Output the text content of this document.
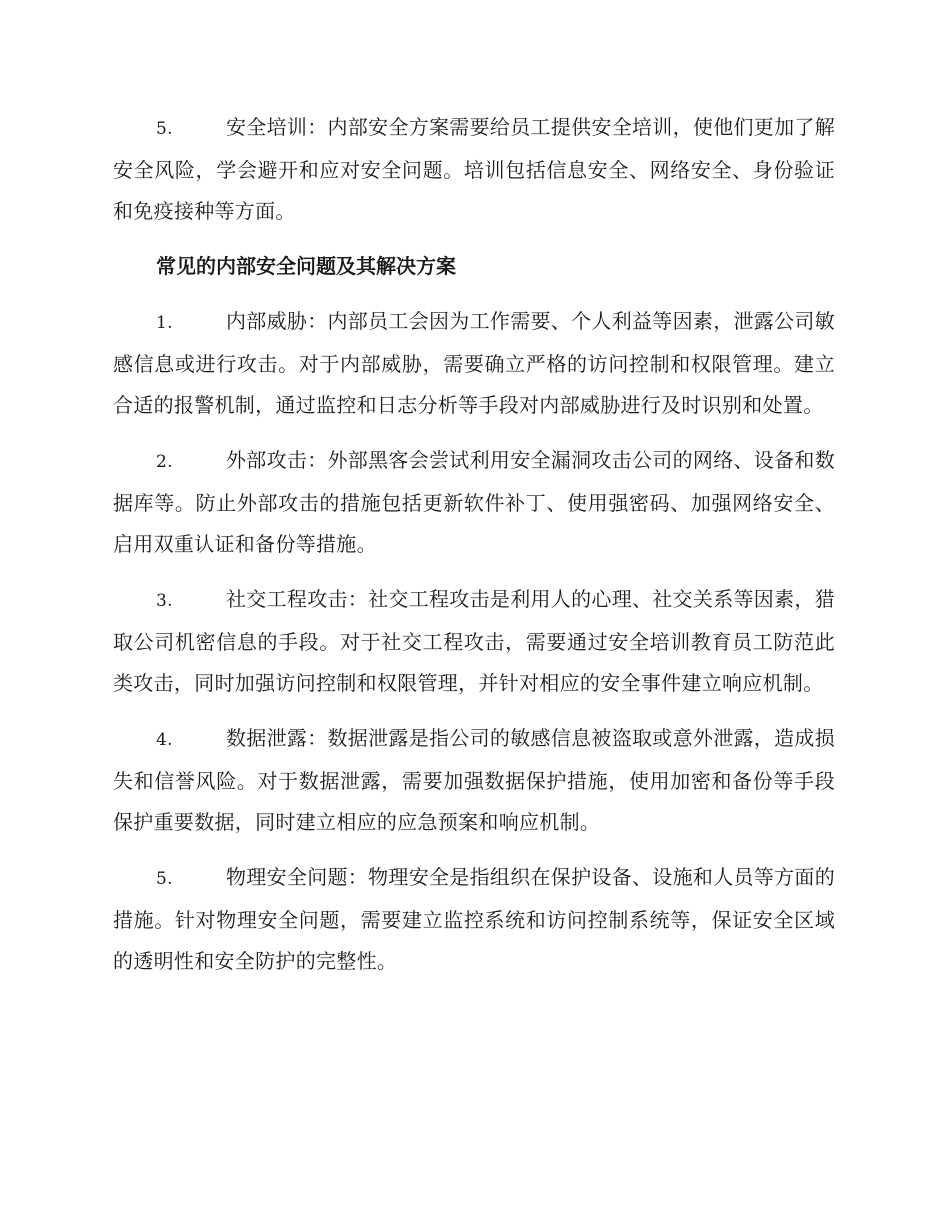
5.	安全培训：内部安全方案需要给员工提供安全培训，使他们更加了解安全风险，学会避开和应对安全问题。培训包括信息安全、网络安全、身份验证和免疫接种等方面。

常见的内部安全问题及其解决方案

1.	内部威胁：内部员工会因为工作需要、个人利益等因素，泄露公司敏感信息或进行攻击。对于内部威胁，需要确立严格的访问控制和权限管理。建立合适的报警机制，通过监控和日志分析等手段对内部威胁进行及时识别和处置。

2.	外部攻击：外部黑客会尝试利用安全漏洞攻击公司的网络、设备和数据库等。防止外部攻击的措施包括更新软件补丁、使用强密码、加强网络安全、启用双重认证和备份等措施。

3.	社交工程攻击：社交工程攻击是利用人的心理、社交关系等因素，猎取公司机密信息的手段。对于社交工程攻击，需要通过安全培训教育员工防范此类攻击，同时加强访问控制和权限管理，并针对相应的安全事件建立响应机制。

4.	数据泄露：数据泄露是指公司的敏感信息被盗取或意外泄露，造成损失和信誉风险。对于数据泄露，需要加强数据保护措施，使用加密和备份等手段保护重要数据，同时建立相应的应急预案和响应机制。

5.	物理安全问题：物理安全是指组织在保护设备、设施和人员等方面的措施。针对物理安全问题，需要建立监控系统和访问控制系统等，保证安全区域的透明性和安全防护的完整性。
